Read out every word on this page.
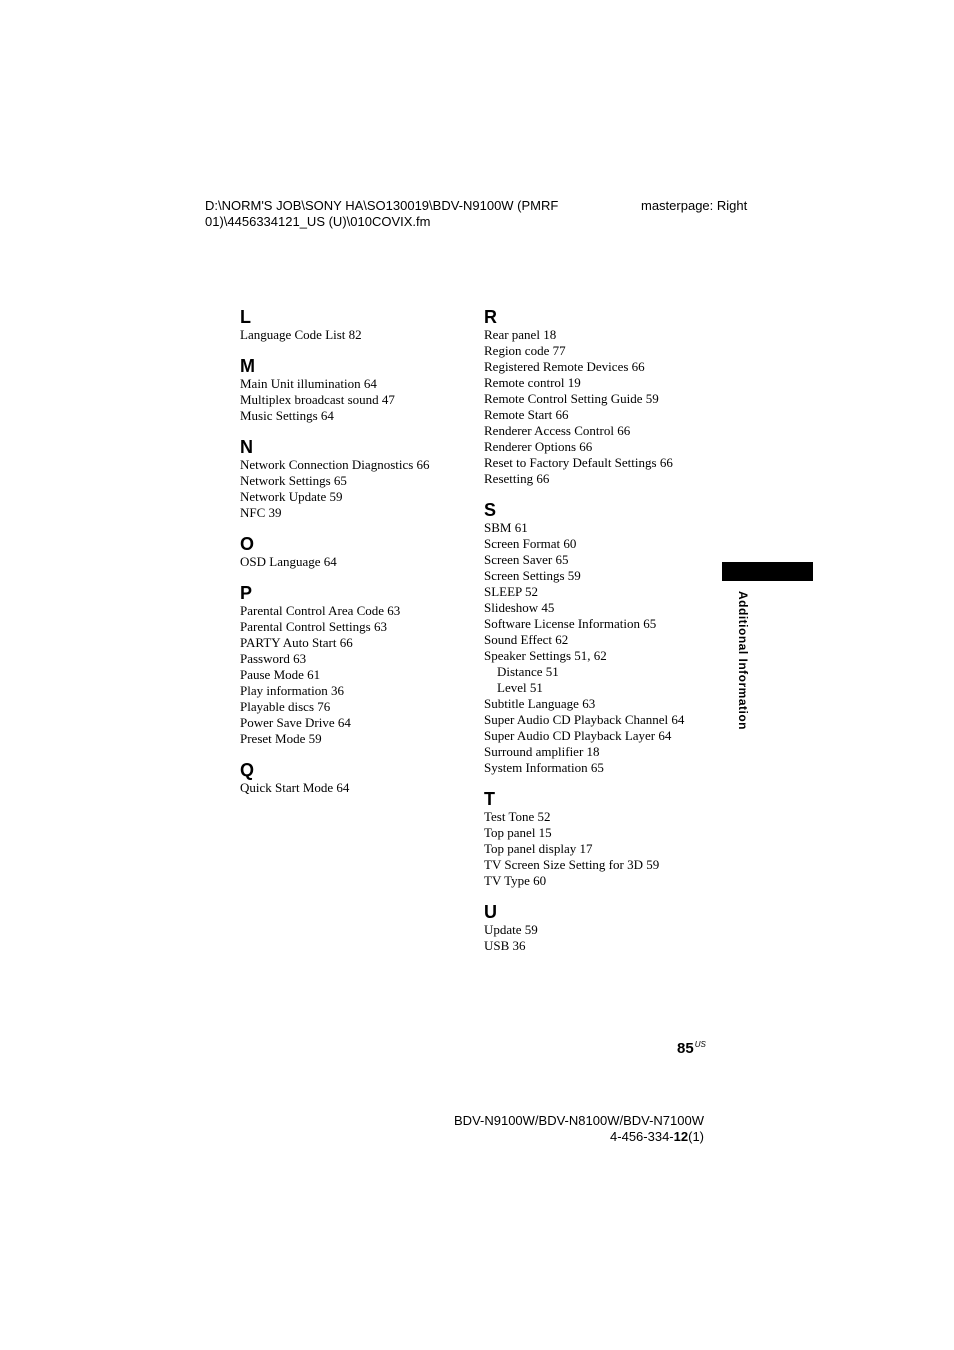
D:\NORM'S JOB\SONY HA\SO130019\BDV-N9100W (PMRF
01)\4456334121_US (U)\010COVIX.fm
masterpage: Right
L
Language Code List 82
M
Main Unit illumination 64
Multiplex broadcast sound 47
Music Settings 64
N
Network Connection Diagnostics 66
Network Settings 65
Network Update 59
NFC 39
O
OSD Language 64
P
Parental Control Area Code 63
Parental Control Settings 63
PARTY Auto Start 66
Password 63
Pause Mode 61
Play information 36
Playable discs 76
Power Save Drive 64
Preset Mode 59
Q
Quick Start Mode 64
R
Rear panel 18
Region code 77
Registered Remote Devices 66
Remote control 19
Remote Control Setting Guide 59
Remote Start 66
Renderer Access Control 66
Renderer Options 66
Reset to Factory Default Settings 66
Resetting 66
S
SBM 61
Screen Format 60
Screen Saver 65
Screen Settings 59
SLEEP 52
Slideshow 45
Software License Information 65
Sound Effect 62
Speaker Settings 51, 62
Distance 51
Level 51
Subtitle Language 63
Super Audio CD Playback Channel 64
Super Audio CD Playback Layer 64
Surround amplifier 18
System Information 65
T
Test Tone 52
Top panel 15
Top panel display 17
TV Screen Size Setting for 3D 59
TV Type 60
U
Update 59
USB 36
Additional Information
$85^{US}$
BDV-N9100W/BDV-N8100W/BDV-N7100W
4-456-334-12(1)
